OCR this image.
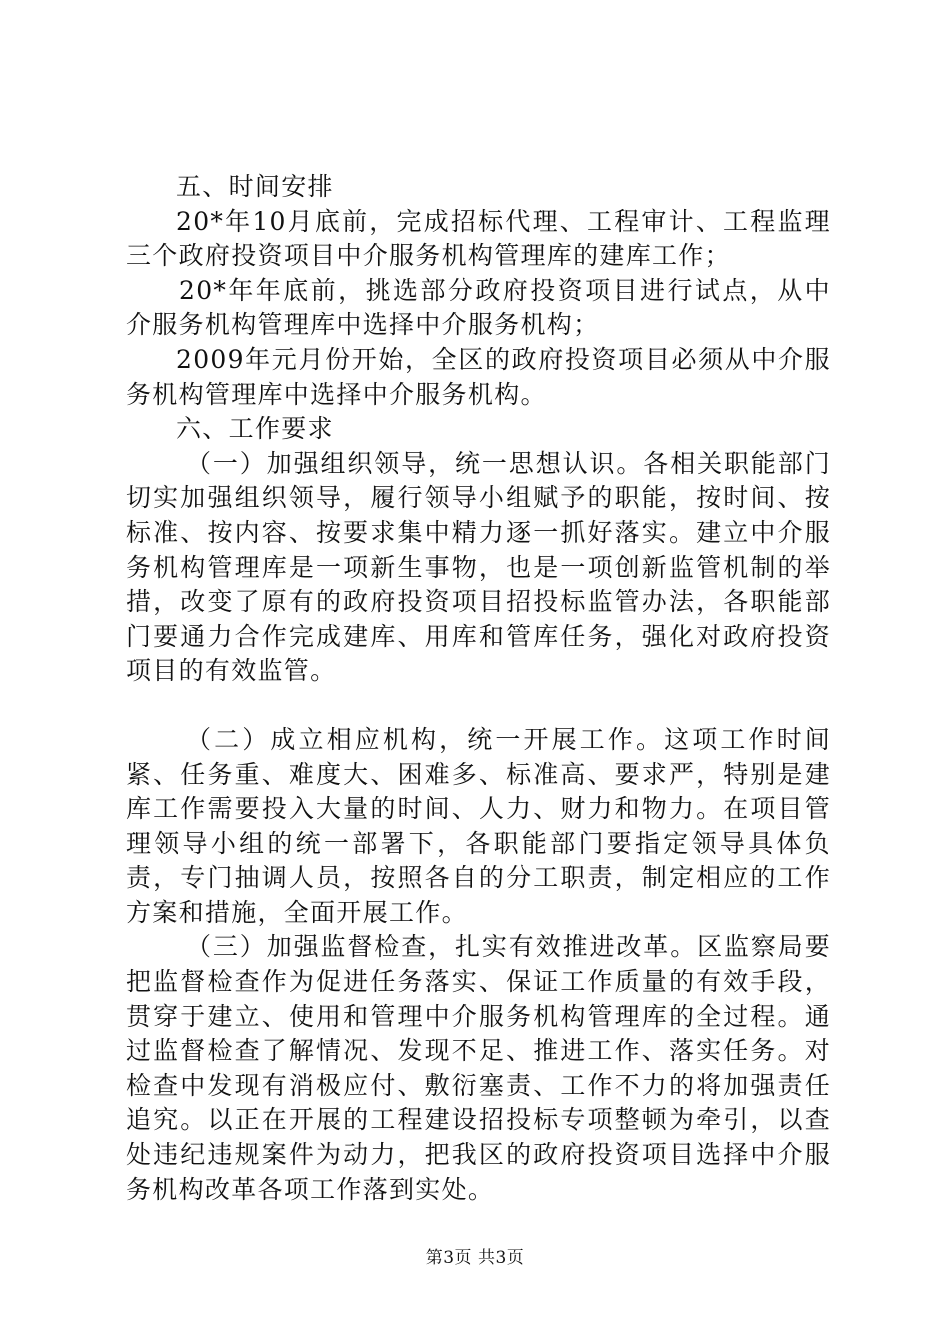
五、时间安排

20*年10月底前，完成招标代理、工程审计、工程监理三个政府投资项目中介服务机构管理库的建库工作；

20*年年底前，挑选部分政府投资项目进行试点，从中介服务机构管理库中选择中介服务机构；

2009年元月份开始，全区的政府投资项目必须从中介服务机构管理库中选择中介服务机构。

六、工作要求

（一）加强组织领导，统一思想认识。各相关职能部门切实加强组织领导，履行领导小组赋予的职能，按时间、按标准、按内容、按要求集中精力逐一抓好落实。建立中介服务机构管理库是一项新生事物，也是一项创新监管机制的举措，改变了原有的政府投资项目招投标监管办法，各职能部门要通力合作完成建库、用库和管库任务，强化对政府投资项目的有效监管。

（二）成立相应机构，统一开展工作。这项工作时间紧、任务重、难度大、困难多、标准高、要求严，特别是建库工作需要投入大量的时间、人力、财力和物力。在项目管理领导小组的统一部署下，各职能部门要指定领导具体负责，专门抽调人员，按照各自的分工职责，制定相应的工作方案和措施，全面开展工作。

（三）加强监督检查，扎实有效推进改革。区监察局要把监督检查作为促进任务落实、保证工作质量的有效手段，贯穿于建立、使用和管理中介服务机构管理库的全过程。通过监督检查了解情况、发现不足、推进工作、落实任务。对检查中发现有消极应付、敷衍塞责、工作不力的将加强责任追究。以正在开展的工程建设招投标专项整顿为牵引，以查处违纪违规案件为动力，把我区的政府投资项目选择中介服务机构改革各项工作落到实处。

第3页 共3页
